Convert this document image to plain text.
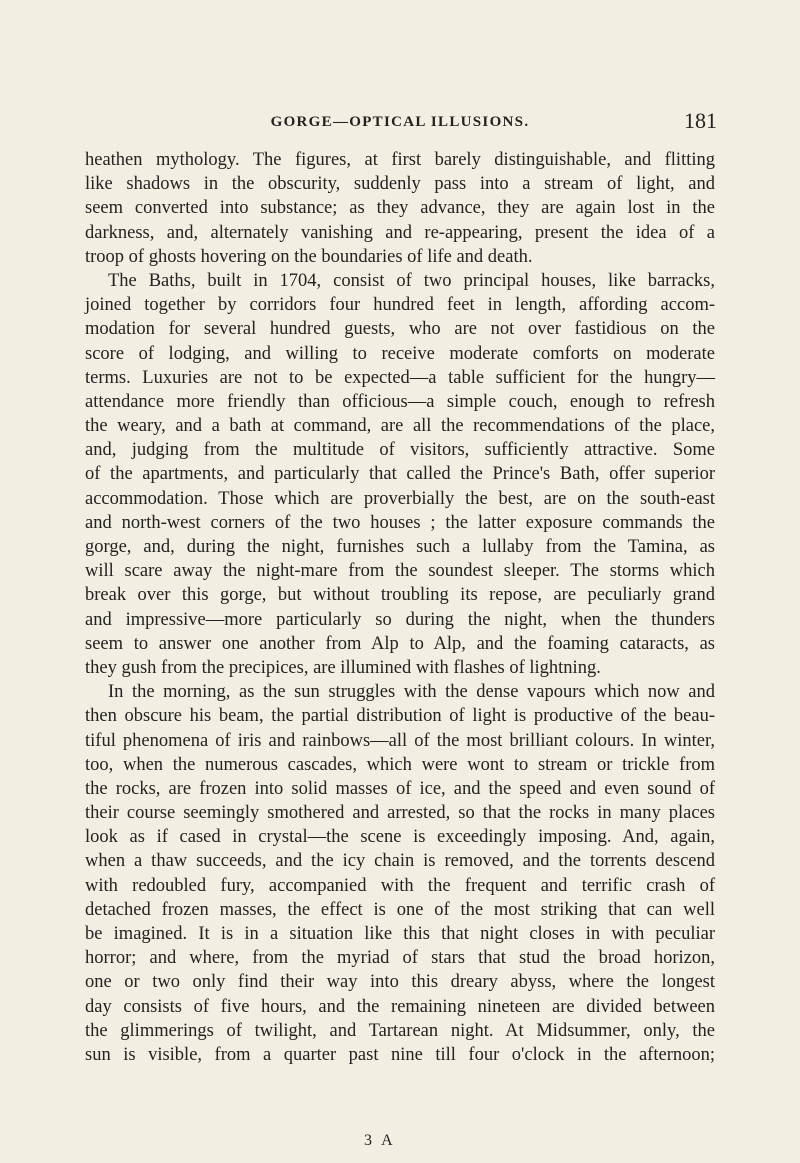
GORGE—OPTICAL ILLUSIONS.	181
heathen mythology. The figures, at first barely distinguishable, and flitting
like shadows in the obscurity, suddenly pass into a stream of light, and
seem converted into substance; as they advance, they are again lost in the
darkness, and, alternately vanishing and re-appearing, present the idea of a
troop of ghosts hovering on the boundaries of life and death.
The Baths, built in 1704, consist of two principal houses, like barracks,
joined together by corridors four hundred feet in length, affording accom-
modation for several hundred guests, who are not over fastidious on the
score of lodging, and willing to receive moderate comforts on moderate
terms. Luxuries are not to be expected—a table sufficient for the hungry—
attendance more friendly than officious—a simple couch, enough to refresh
the weary, and a bath at command, are all the recommendations of the place,
and, judging from the multitude of visitors, sufficiently attractive. Some
of the apartments, and particularly that called the Prince's Bath, offer superior
accommodation. Those which are proverbially the best, are on the south-east
and north-west corners of the two houses ; the latter exposure commands the
gorge, and, during the night, furnishes such a lullaby from the Tamina, as
will scare away the night-mare from the soundest sleeper. The storms which
break over this gorge, but without troubling its repose, are peculiarly grand
and impressive—more particularly so during the night, when the thunders
seem to answer one another from Alp to Alp, and the foaming cataracts, as
they gush from the precipices, are illumined with flashes of lightning.
In the morning, as the sun struggles with the dense vapours which now and
then obscure his beam, the partial distribution of light is productive of the beau-
tiful phenomena of iris and rainbows—all of the most brilliant colours. In winter,
too, when the numerous cascades, which were wont to stream or trickle from
the rocks, are frozen into solid masses of ice, and the speed and even sound of
their course seemingly smothered and arrested, so that the rocks in many places
look as if cased in crystal—the scene is exceedingly imposing. And, again,
when a thaw succeeds, and the icy chain is removed, and the torrents descend
with redoubled fury, accompanied with the frequent and terrific crash of
detached frozen masses, the effect is one of the most striking that can well
be imagined. It is in a situation like this that night closes in with peculiar
horror; and where, from the myriad of stars that stud the broad horizon,
one or two only find their way into this dreary abyss, where the longest
day consists of five hours, and the remaining nineteen are divided between
the glimmerings of twilight, and Tartarean night. At Midsummer, only, the
sun is visible, from a quarter past nine till four o'clock in the afternoon;
3 A
